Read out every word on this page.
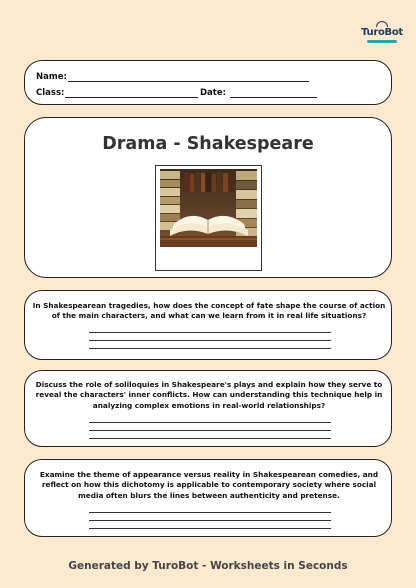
TuroBot
Name:
Class:	Date:
Drama - Shakespeare
In Shakespearean tragedies, how does the concept of fate shape the course of action of the main characters, and what can we learn from it in real life situations?
Discuss the role of soliloquies in Shakespeare's plays and explain how they serve to reveal the characters' inner conflicts. How can understanding this technique help in analyzing complex emotions in real-world relationships?
Examine the theme of appearance versus reality in Shakespearean comedies, and reflect on how this dichotomy is applicable to contemporary society where social media often blurs the lines between authenticity and pretense.
Generated by TuroBot - Worksheets in Seconds
